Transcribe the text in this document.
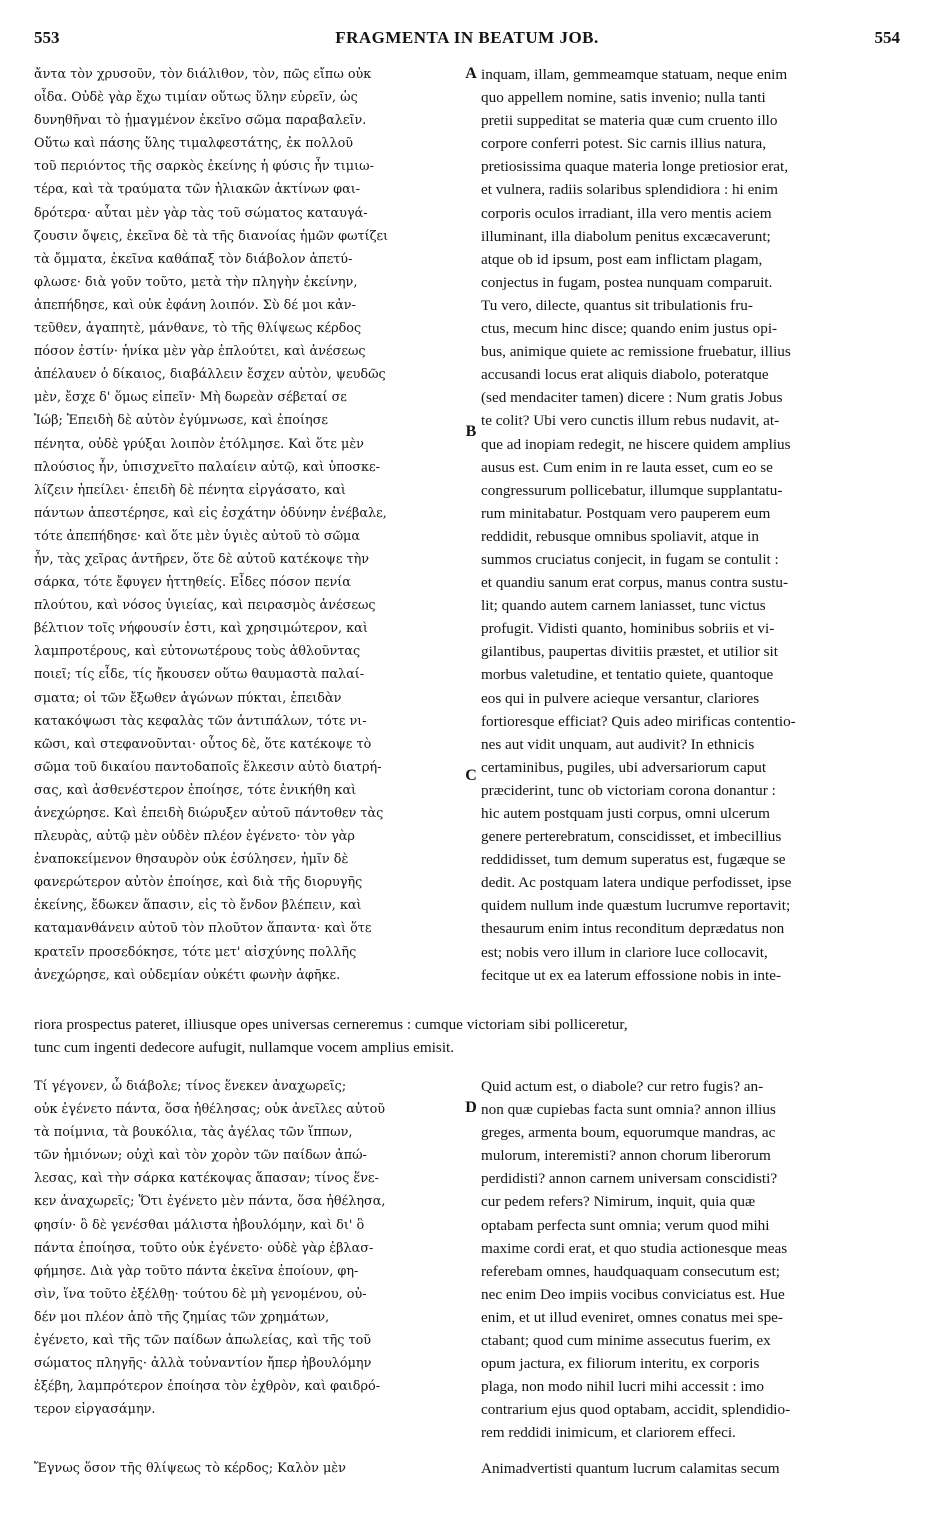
553	FRAGMENTA IN BEATUM JOB.	554
ἄντα τὸν χρυσοῦν, τὸν διάλιθον, τὸν, πῶς εἴπω οὐκ
οἶδα. Οὐδὲ γὰρ ἔχω τιμίαν οὕτως ὕλην εὑρεῖν, ὡς
δυνηθῆναι τὸ ᾑμαγμένον ἐκεῖνο σῶμα παραβαλεῖν.
Οὕτω καὶ πάσης ὕλης τιμαλφεστάτης, ἐκ πολλοῦ
τοῦ περιόντος τῆς σαρκὸς ἐκείνης ἡ φύσις ἦν τιμιω-
τέρα, καὶ τὰ τραύματα τῶν ἡλιακῶν ἀκτίνων φαι-
δρότερα· αὗται μὲν γὰρ τὰς τοῦ σώματος καταυγά-
ζουσιν ὄψεις, ἐκεῖνα δὲ τὰ τῆς διανοίας ἡμῶν φωτίζει
τὰ ὄμματα, ἐκεῖνα καθάπαξ τὸν διάβολον ἀπετύ-
φλωσε· διὰ γοῦν τοῦτο, μετὰ τὴν πληγὴν ἐκείνην,
ἀπεπήδησε, καὶ οὐκ ἐφάνη λοιπόν. Σὺ δέ μοι κἀν-
τεῦθεν, ἀγαπητὲ, μάνθανε, τὸ τῆς θλίψεως κέρδος
πόσον ἐστίν· ἡνίκα μὲν γὰρ ἐπλούτει, καὶ ἀνέσεως
ἀπέλαυεν ὁ δίκαιος, διαβάλλειν ἔσχεν αὐτὸν, ψευδῶς
μὲν, ἔσχε δ' ὅμως εἰπεῖν· Μὴ δωρεὰν σέβεταί σε
Ἰώβ; Ἐπειδὴ δὲ αὐτὸν ἐγύμνωσε, καὶ ἐποίησε
πένητα, οὐδὲ γρύξαι λοιπὸν ἐτόλμησε. Καὶ ὅτε μὲν
πλούσιος ἦν, ὑπισχνεῖτο παλαίειν αὐτῷ, καὶ ὑποσκε-
λίζειν ἠπείλει· ἐπειδὴ δὲ πένητα εἰργάσατο, καὶ
πάντων ἀπεστέρησε, καὶ εἰς ἐσχάτην ὀδύνην ἐνέβαλε,
τότε ἀπεπήδησε· καὶ ὅτε μὲν ὑγιὲς αὐτοῦ τὸ σῶμα
ἦν, τὰς χεῖρας ἀντῆρεν, ὅτε δὲ αὐτοῦ κατέκοψε τὴν
σάρκα, τότε ἔφυγεν ἡττηθείς. Εἶδες πόσον πενία
πλούτου, καὶ νόσος ὑγιείας, καὶ πειρασμὸς ἀνέσεως
βέλτιον τοῖς νήφουσίν ἐστι, καὶ χρησιμώτερον, καὶ
λαμπροτέρους, καὶ εὐτονωτέρους τοὺς ἀθλοῦντας
ποιεῖ; τίς εἶδε, τίς ἤκουσεν οὕτω θαυμαστὰ παλαί-
σματα; οἱ τῶν ἔξωθεν ἀγώνων πύκται, ἐπειδὰν
κατακόψωσι τὰς κεφαλὰς τῶν ἀντιπάλων, τότε νι-
κῶσι, καὶ στεφανοῦνται· οὗτος δὲ, ὅτε κατέκοψε τὸ
σῶμα τοῦ δικαίου παντοδαποῖς ἕλκεσιν αὐτὸ διατρή-
σας, καὶ ἀσθενέστερον ἐποίησε, τότε ἐνικήθη καὶ
ἀνεχώρησε. Καὶ ἐπειδὴ διώρυξεν αὐτοῦ πάντοθεν τὰς
πλευρὰς, αὐτῷ μὲν οὐδὲν πλέον ἐγένετο· τὸν γὰρ
ἐναποκείμενον θησαυρὸν οὐκ ἐσύλησεν, ἡμῖν δὲ
φανερώτερον αὐτὸν ἐποίησε, καὶ διὰ τῆς διορυγῆς
ἐκείνης, ἔδωκεν ἅπασιν, εἰς τὸ ἔνδον βλέπειν, καὶ
καταμανθάνειν αὐτοῦ τὸν πλοῦτον ἅπαντα· καὶ ὅτε
κρατεῖν προσεδόκησε, τότε μετ' αἰσχύνης πολλῆς
ἀνεχώρησε, καὶ οὐδεμίαν οὐκέτι φωνὴν ἀφῆκε.
inquam, illam, gemmeamque statuam, neque enim
quo appellem nomine, satis invenio; nulla tanti
pretii suppeditat se materia quæ cum cruento illo
corpore conferri potest. Sic carnis illius natura,
pretiosissima quaque materia longe pretiosior erat,
et vulnera, radiis solaribus splendidiora : hi enim
corporis oculos irradiant, illa vero mentis aciem
illuminant, illa diabolum penitus excæcaverunt;
atque ob id ipsum, post eam inflictam plagam,
conjectus in fugam, postea nunquam comparuit.
Tu vero, dilecte, quantus sit tribulationis fru-
ctus, mecum hinc disce; quando enim justus opi-
bus, animique quiete ac remissione fruebatur, illius
accusandi locus erat aliquis diabolo, poteratque
(sed mendaciter tamen) dicere : Num gratis Jobus
te colit? Ubi vero cunctis illum rebus nudavit, at-
que ad inopiam redegit, ne hiscere quidem amplius
ausus est. Cum enim in re lauta esset, cum eo se
congressurum pollicebatur, illumque supplantatu-
rum minitabatur. Postquam vero pauperem eum
reddidit, rebusque omnibus spoliavit, atque in
summos cruciatus conjecit, in fugam se contulit :
et quandiu sanum erat corpus, manus contra sustu-
lit; quando autem carnem laniasset, tunc victus
profugit. Vidisti quanto, hominibus sobriis et vi-
gilantibus, paupertas divitiis præstet, et utilior sit
morbus valetudine, et tentatio quiete, quantoque
eos qui in pulvere acieque versantur, clariores
fortioresque efficiat? Quis adeo mirificas contentio-
nes aut vidit unquam, aut audivit? In ethnicis
certaminibus, pugiles, ubi adversariorum caput
præciderint, tunc ob victoriam corona donantur :
hic autem postquam justi corpus, omni ulcerum
genere perterebratum, conscidisset, et imbecillius
reddidisset, tum demum superatus est, fugæque se
dedit. Ac postquam latera undique perfodisset, ipse
quidem nullum inde quæstum lucrumve reportavit;
thesaurum enim intus reconditum deprædatus non
est; nobis vero illum in clariore luce collocavit,
fecitque ut ex ea laterum effossione nobis in inte-
riora prospectus pateret, illiusque opes universas cerneremus : cumque victoriam sibi polliceretur,
tunc cum ingenti dedecore aufugit, nullamque vocem amplius emisit.
Τί γέγονεν, ὦ διάβολε; τίνος ἕνεκεν ἀναχωρεῖς;
οὐκ ἐγένετο πάντα, ὅσα ἠθέλησας; οὐκ ἀνεῖλες αὐτοῦ
τὰ ποίμνια, τὰ βουκόλια, τὰς ἀγέλας τῶν ἵππων,
τῶν ἡμιόνων; οὐχὶ καὶ τὸν χορὸν τῶν παίδων ἀπώ-
λεσας, καὶ τὴν σάρκα κατέκοψας ἅπασαν; τίνος ἕνε-
κεν ἀναχωρεῖς; Ὅτι ἐγένετο μὲν πάντα, ὅσα ἠθέλησα,
φησίν· ὃ δὲ γενέσθαι μάλιστα ἠβουλόμην, καὶ δι' ὃ
πάντα ἐποίησα, τοῦτο οὐκ ἐγένετο· οὐδὲ γὰρ ἐβλασ-
φήμησε. Διὰ γὰρ τοῦτο πάντα ἐκεῖνα ἐποίουν, φη-
σὶν, ἵνα τοῦτο ἐξέλθῃ· τούτου δὲ μὴ γενομένου, οὐ-
δέν μοι πλέον ἀπὸ τῆς ζημίας τῶν χρημάτων,
ἐγένετο, καὶ τῆς τῶν παίδων ἀπωλείας, καὶ τῆς τοῦ
σώματος πληγῆς· ἀλλὰ τοὐναντίον ἤπερ ἠβουλόμην
ἐξέβη, λαμπρότερον ἐποίησα τὸν ἐχθρὸν, καὶ φαιδρό-
τερον εἰργασάμην.
Quid actum est, o diabole? cur retro fugis? an-
non quæ cupiebas facta sunt omnia? annon illius
greges, armenta boum, equorumque mandras, ac
mulorum, interemisti? annon chorum liberorum
perdidisti? annon carnem universam conscidisti?
cur pedem refers? Nimirum, inquit, quia quæ
optabam perfecta sunt omnia; verum quod mihi
maxime cordi erat, et quo studia actionesque meas
referebam omnes, haudquaquam consecutum est;
nec enim Deo impiis vocibus conviciatus est. Hue
enim, et ut illud eveniret, omnes conatus mei spe-
ctabant; quod cum minime assecutus fuerim, ex
opum jactura, ex filiorum interitu, ex corporis
plaga, non modo nihil lucri mihi accessit : imo
contrarium ejus quod optabam, accidit, splendidio-
rem reddidi inimicum, et clariorem effeci.
Ἔγνως ὅσον τῆς θλίψεως τὸ κέρδος; Καλὸν μὲν	Animadvertisti quantum lucrum calamitas secum
A
B
C
D
